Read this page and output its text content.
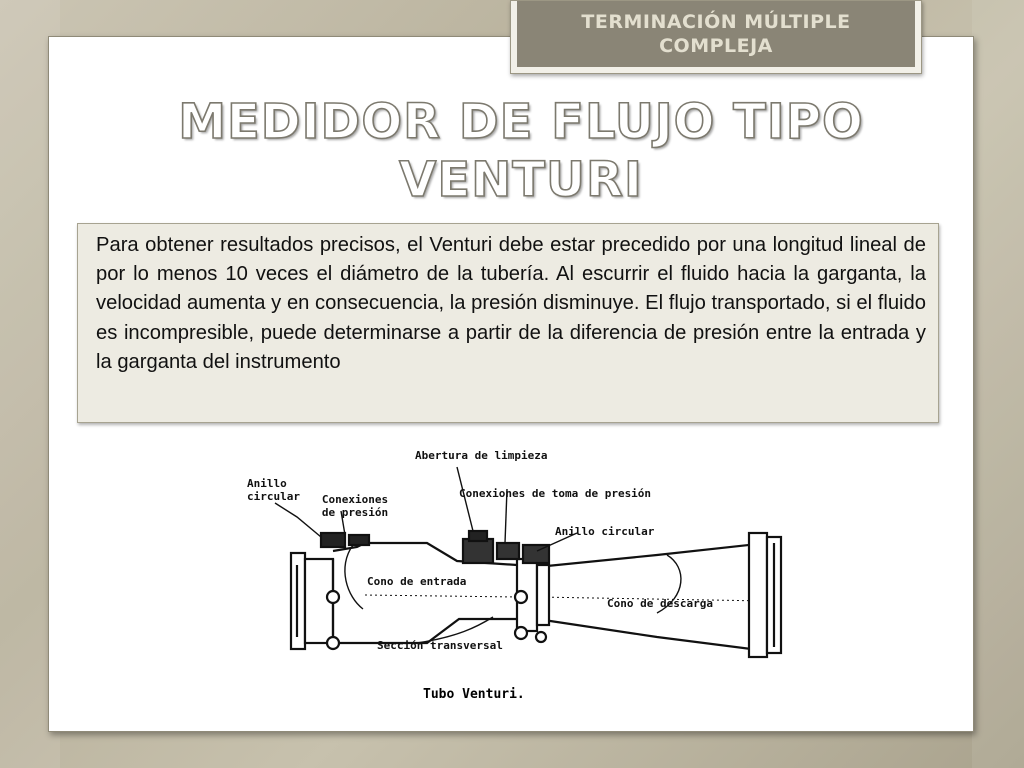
MEDIDOR DE FLUJO TIPO VENTURI

Para obtener resultados precisos, el Venturi debe estar precedido por una longitud lineal de por lo menos 10 veces el diámetro de la tubería. Al escurrir el fluido hacia la garganta, la velocidad aumenta y en consecuencia, la presión disminuye. El flujo transportado, si el fluido es incompresible, puede determinarse a partir de la diferencia de presión entre la entrada y la garganta del instrumento

Anillo circular	Conexiones de presión
Abertura de limpieza
Conexiones de toma de presión
Anillo circular
Cono de entrada
Cono de descarga
Sección transversal
Tubo Venturi.
TERMINACIÓN MÚLTIPLE COMPLEJA
